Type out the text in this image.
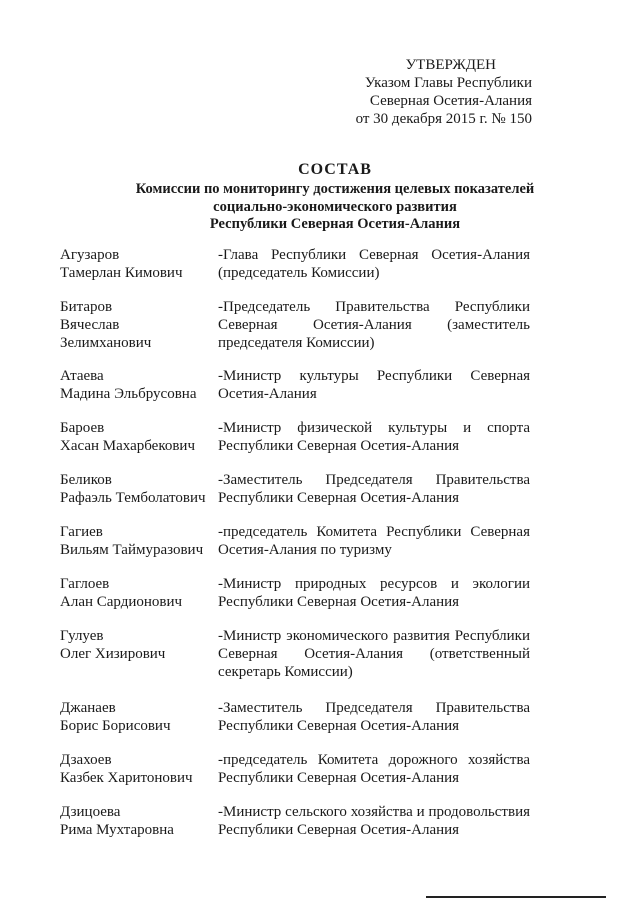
УТВЕРЖДЕН
Указом Главы Республики
Северная Осетия-Алания
от 30 декабря 2015 г. № 150
СОСТАВ
Комиссии по мониторингу достижения целевых показателей
социально-экономического развития
Республики Северная Осетия-Алания
Агузаров
Тамерлан Кимович
-Глава Республики Северная Осетия-Алания
(председатель Комиссии)
Битаров
Вячеслав
Зелимханович
-Председатель Правительства Республики
Северная Осетия-Алания (заместитель
председателя Комиссии)
Атаева
Мадина Эльбрусовна
-Министр культуры Республики Северная
Осетия-Алания
Бароев
Хасан Махарбекович
-Министр физической культуры и спорта
Республики Северная Осетия-Алания
Беликов
Рафаэль Темболатович
-Заместитель Председателя Правительства
Республики Северная Осетия-Алания
Гагиев
Вильям Таймуразович
-председатель Комитета Республики Северная
Осетия-Алания по туризму
Гаглоев
Алан Сардионович
-Министр природных ресурсов и экологии
Республики Северная Осетия-Алания
Гулуев
Олег Хизирович
-Министр экономического развития Республики
Северная Осетия-Алания (ответственный
секретарь Комиссии)
Джанаев
Борис Борисович
-Заместитель Председателя Правительства
Республики Северная Осетия-Алания
Дзахоев
Казбек Харитонович
-председатель Комитета дорожного хозяйства
Республики Северная Осетия-Алания
Дзицоева
Рима Мухтаровна
-Министр сельского хозяйства и продовольствия
Республики Северная Осетия-Алания
